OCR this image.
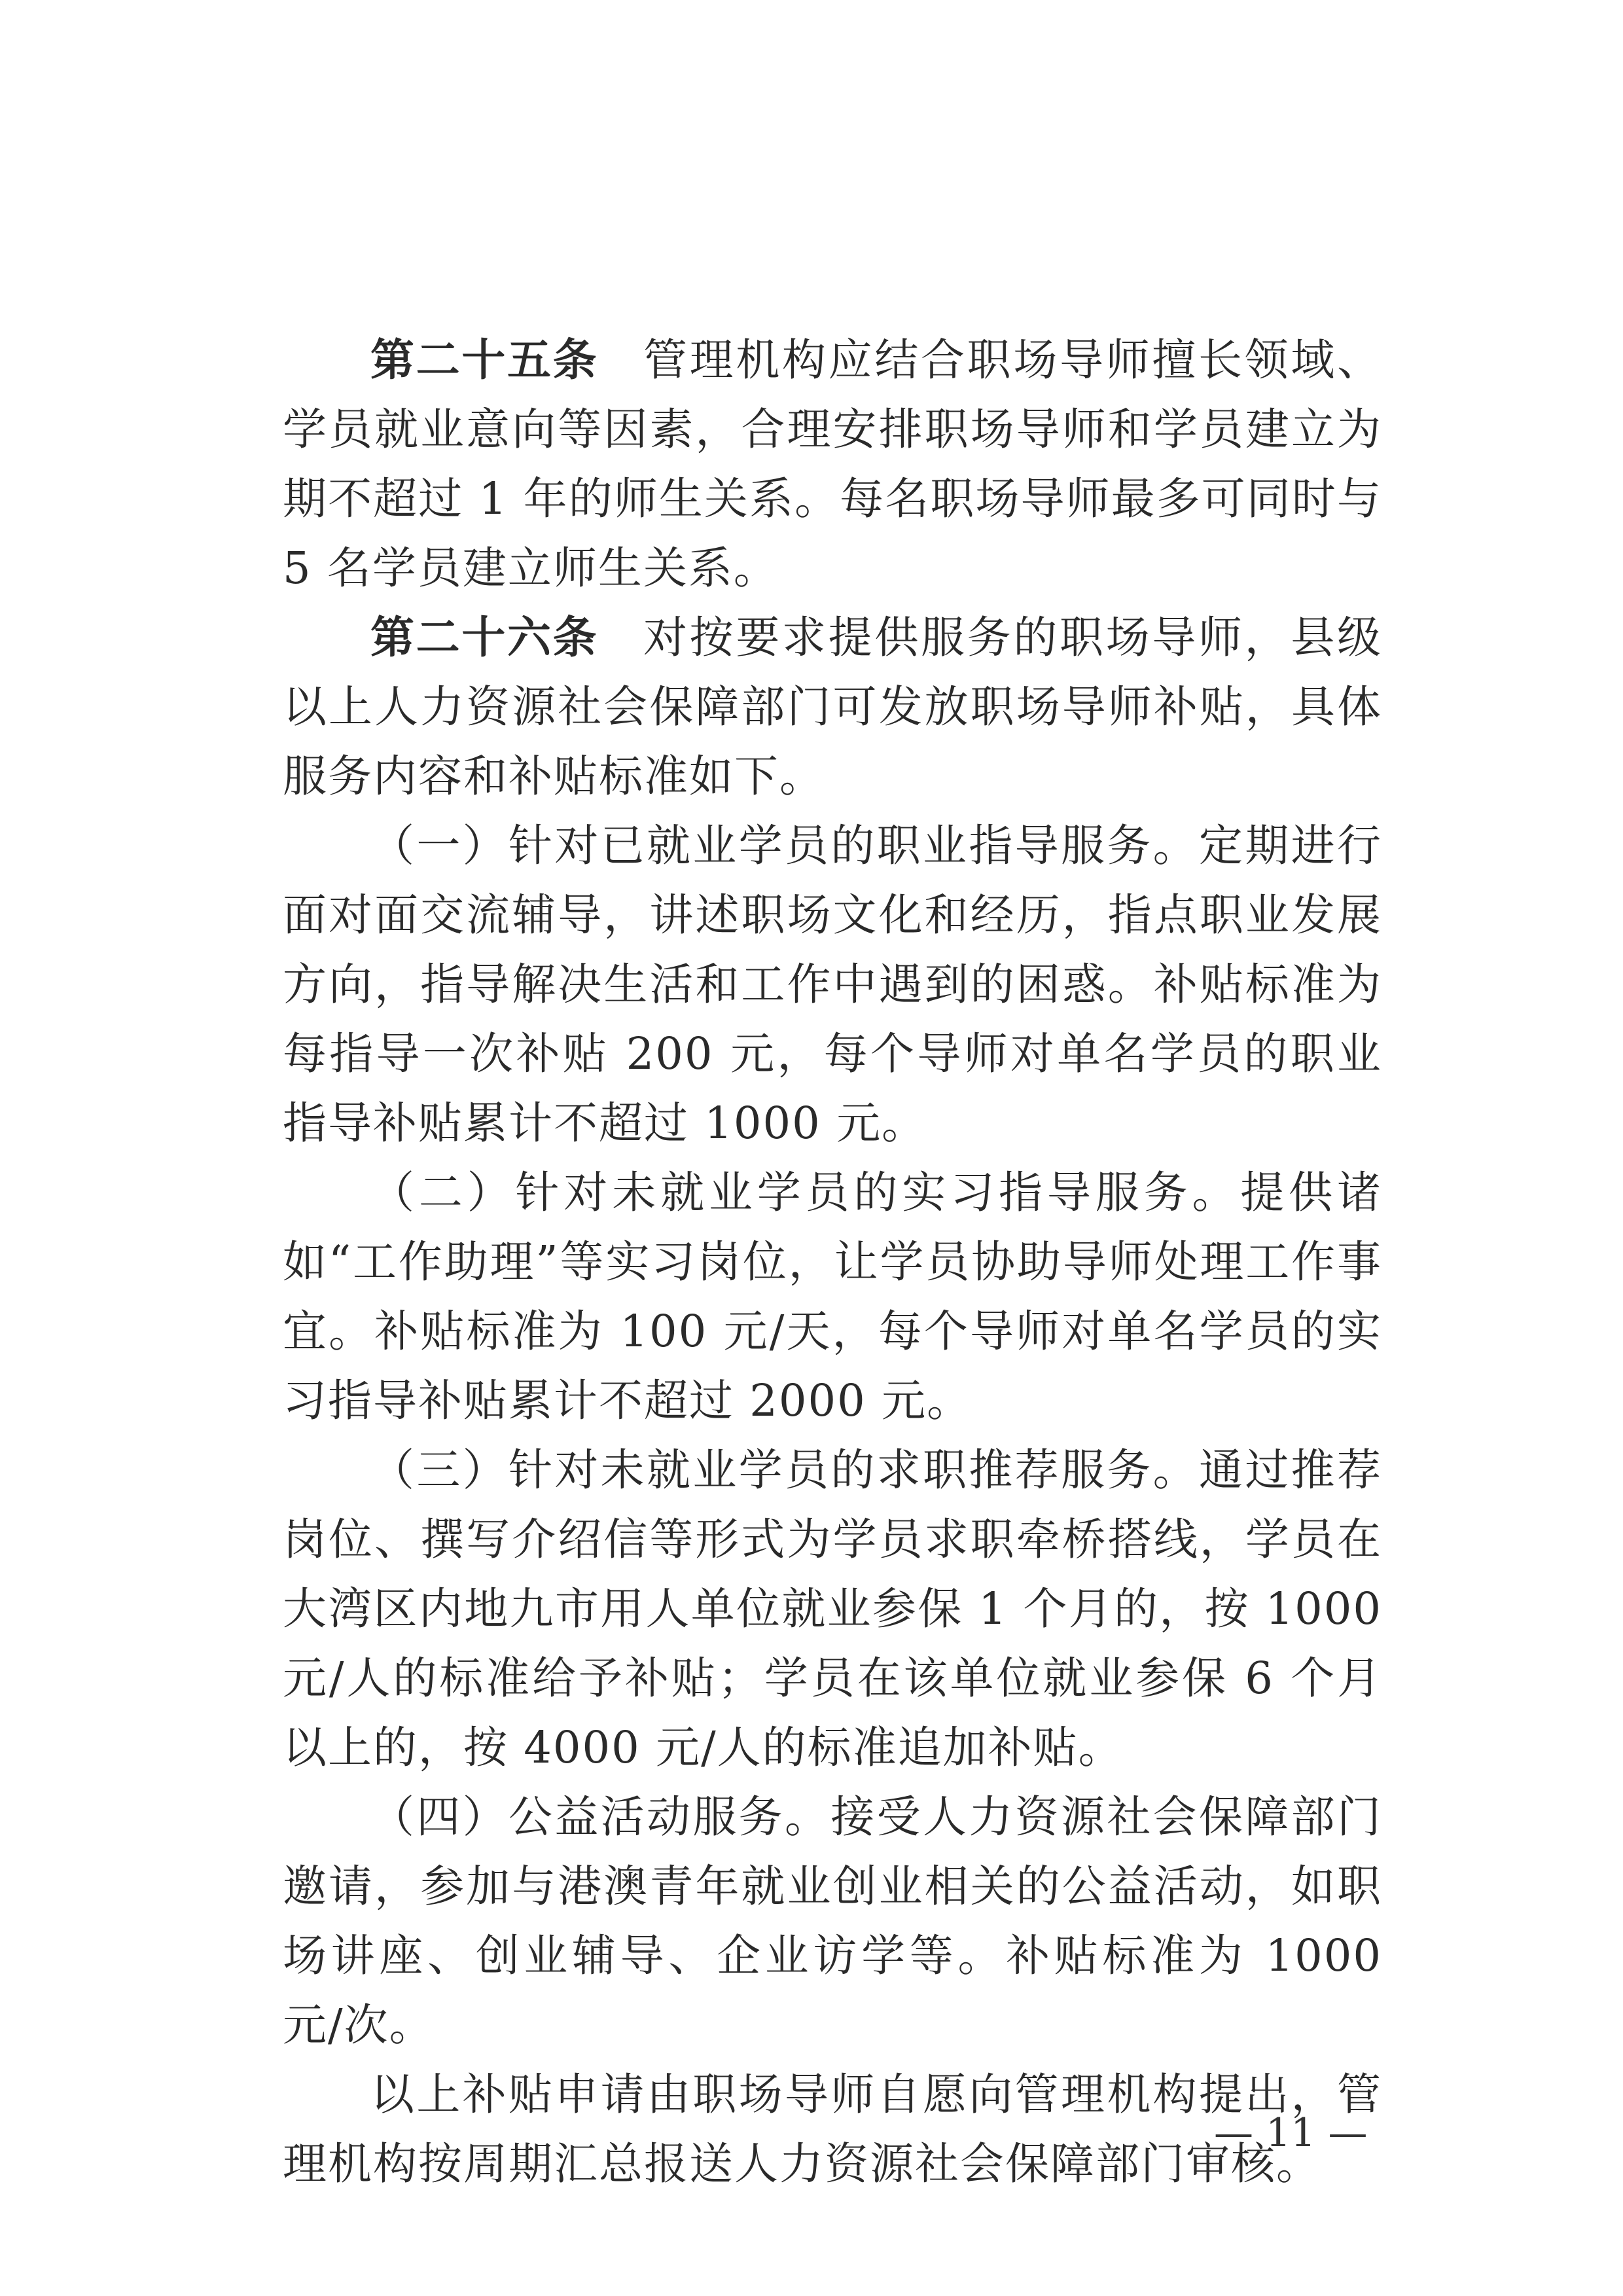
第二十五条 管理机构应结合职场导师擅长领域、学员就业意向等因素，合理安排职场导师和学员建立为期不超过 1 年的师生关系。每名职场导师最多可同时与 5 名学员建立师生关系。

第二十六条 对按要求提供服务的职场导师，县级以上人力资源社会保障部门可发放职场导师补贴，具体服务内容和补贴标准如下。

（一）针对已就业学员的职业指导服务。定期进行面对面交流辅导，讲述职场文化和经历，指点职业发展方向，指导解决生活和工作中遇到的困惑。补贴标准为每指导一次补贴 200 元，每个导师对单名学员的职业指导补贴累计不超过 1000 元。

（二）针对未就业学员的实习指导服务。提供诸如“工作助理”等实习岗位，让学员协助导师处理工作事宜。补贴标准为 100 元/天，每个导师对单名学员的实习指导补贴累计不超过 2000 元。

（三）针对未就业学员的求职推荐服务。通过推荐岗位、撰写介绍信等形式为学员求职牵桥搭线，学员在大湾区内地九市用人单位就业参保 1 个月的，按 1000 元/人的标准给予补贴；学员在该单位就业参保 6 个月以上的，按 4000 元/人的标准追加补贴。

（四）公益活动服务。接受人力资源社会保障部门邀请，参加与港澳青年就业创业相关的公益活动，如职场讲座、创业辅导、企业访学等。补贴标准为 1000 元/次。

以上补贴申请由职场导师自愿向管理机构提出，管理机构按周期汇总报送人力资源社会保障部门审核。

— 11 —
